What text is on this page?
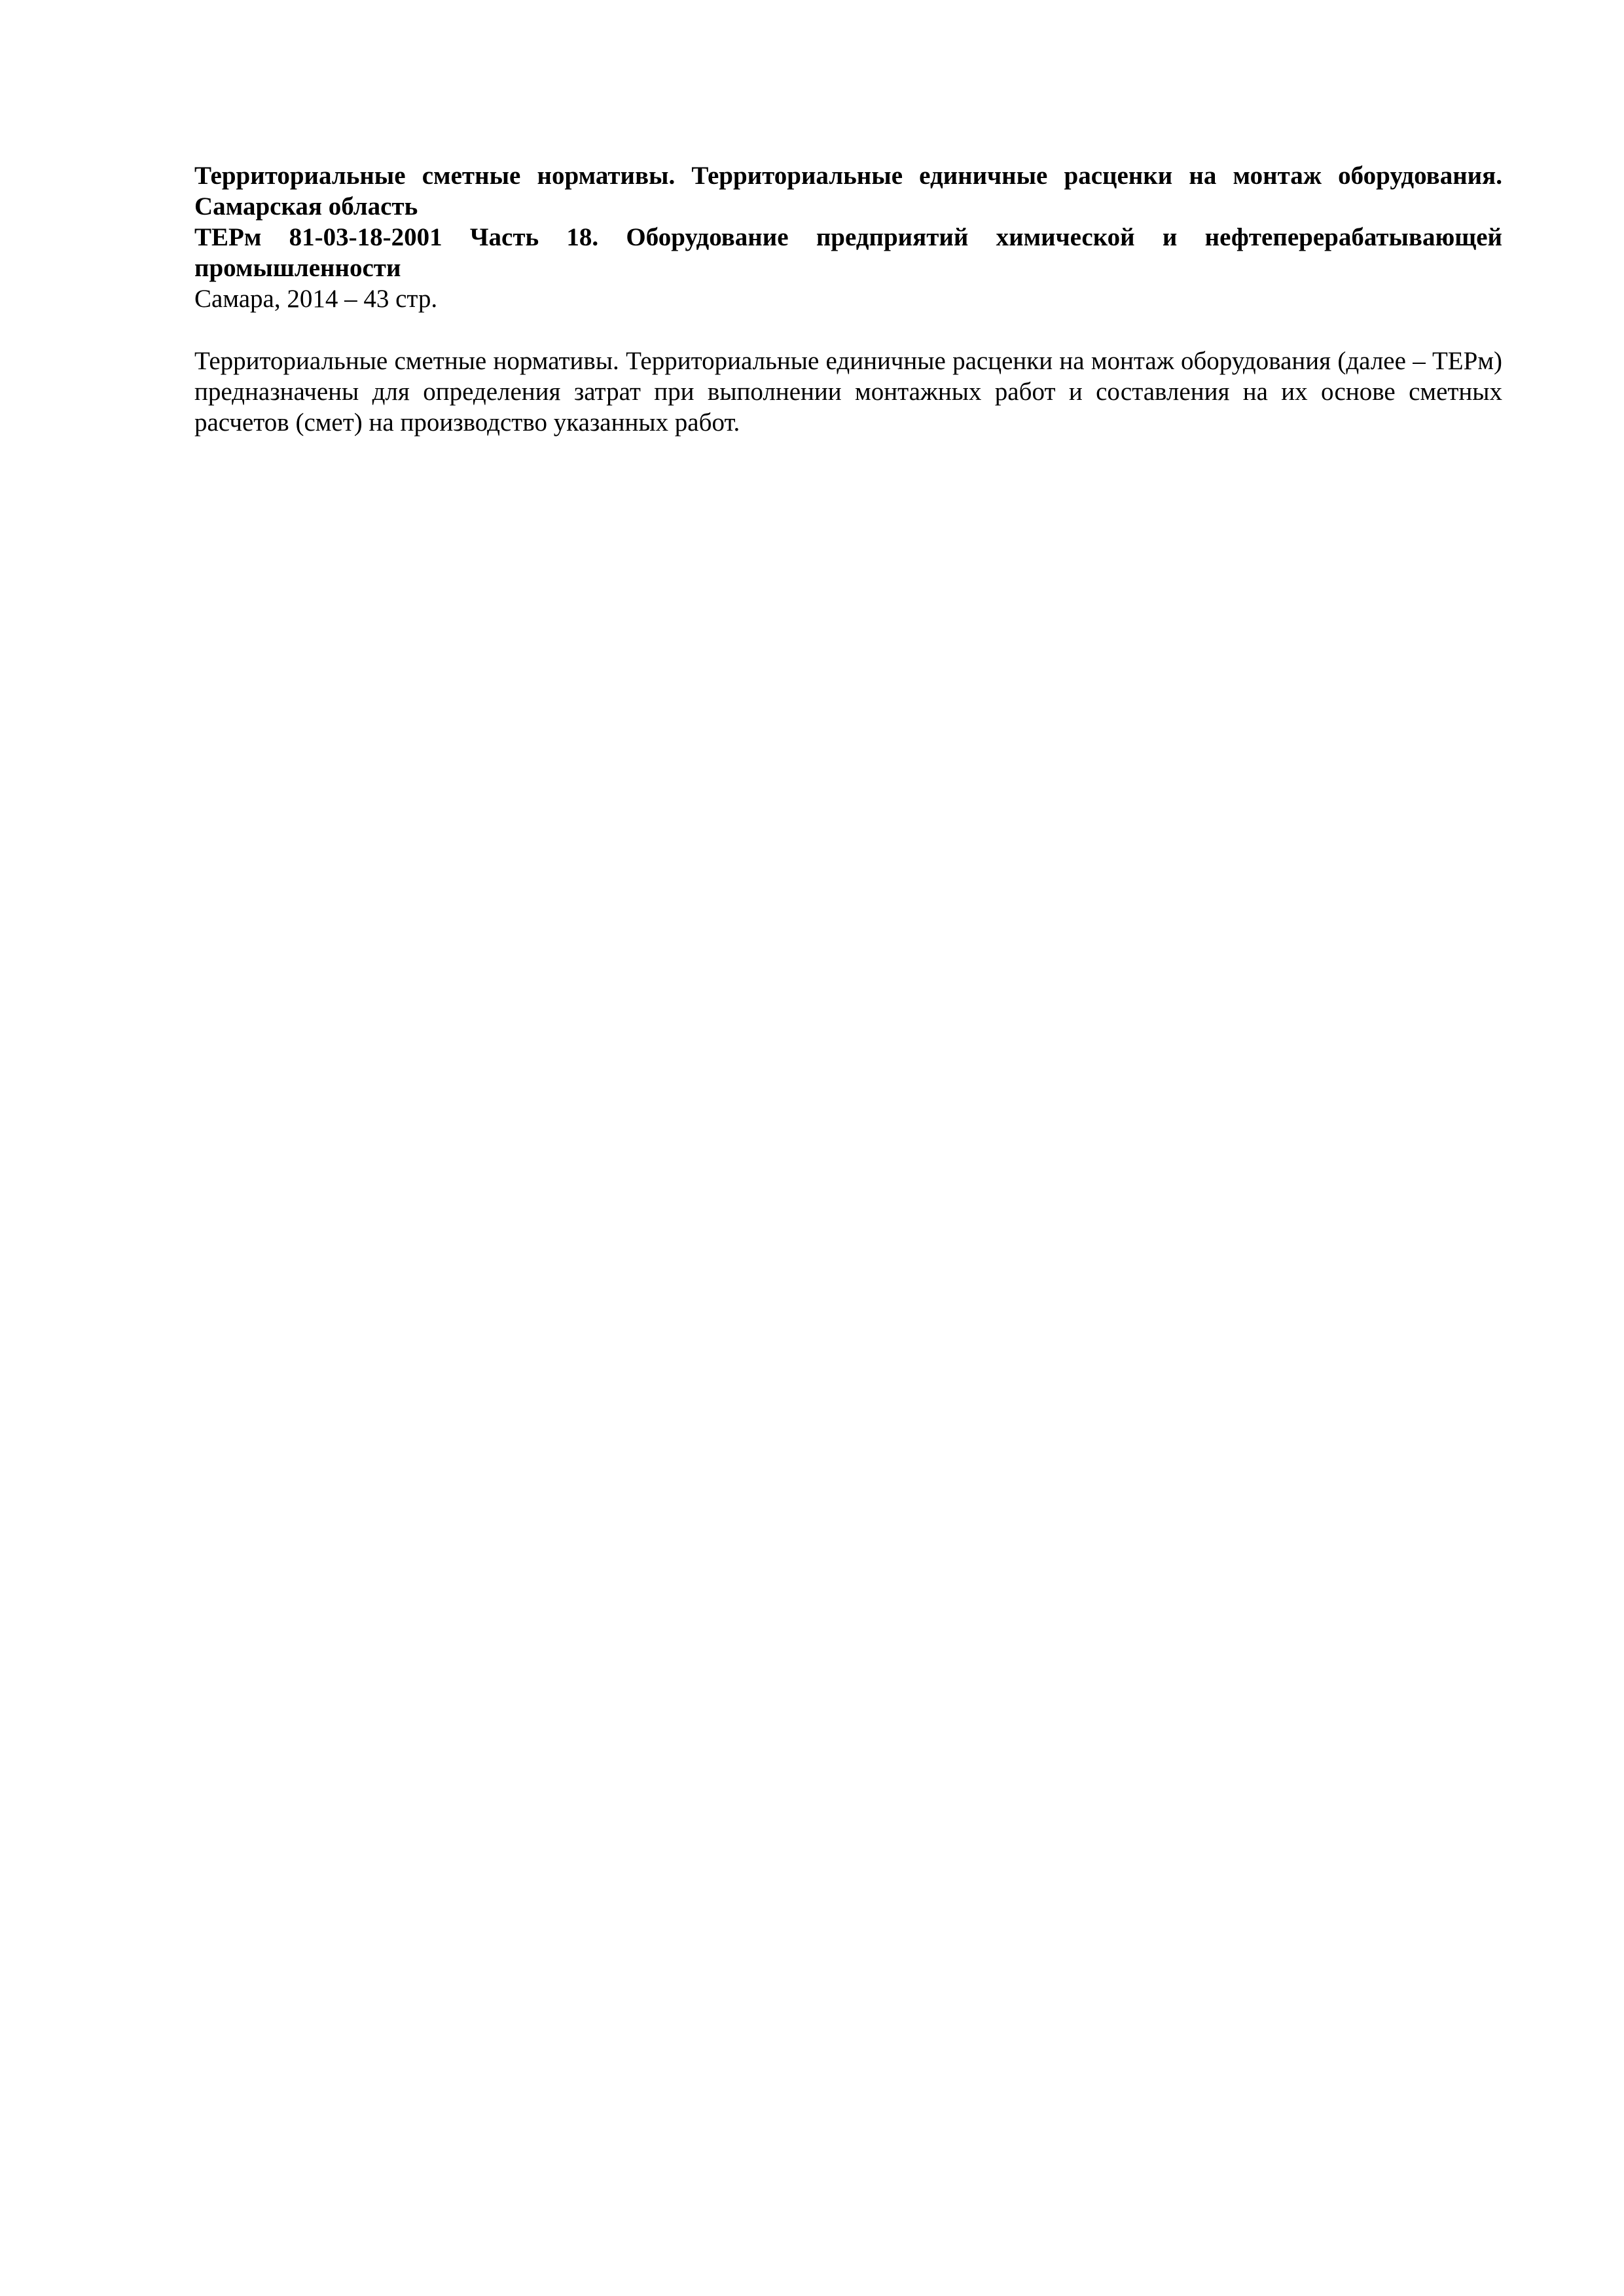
Территориальные сметные нормативы. Территориальные единичные расценки на монтаж оборудования. Самарская область

ТЕРм 81-03-18-2001 Часть 18. Оборудование предприятий химической и нефтеперерабатывающей промышленности

Самара, 2014 – 43 стр.

Территориальные сметные нормативы. Территориальные единичные расценки на монтаж оборудования (далее – ТЕРм) предназначены для определения затрат при выполнении монтажных работ и составления на их основе сметных расчетов (смет) на производство указанных работ.
